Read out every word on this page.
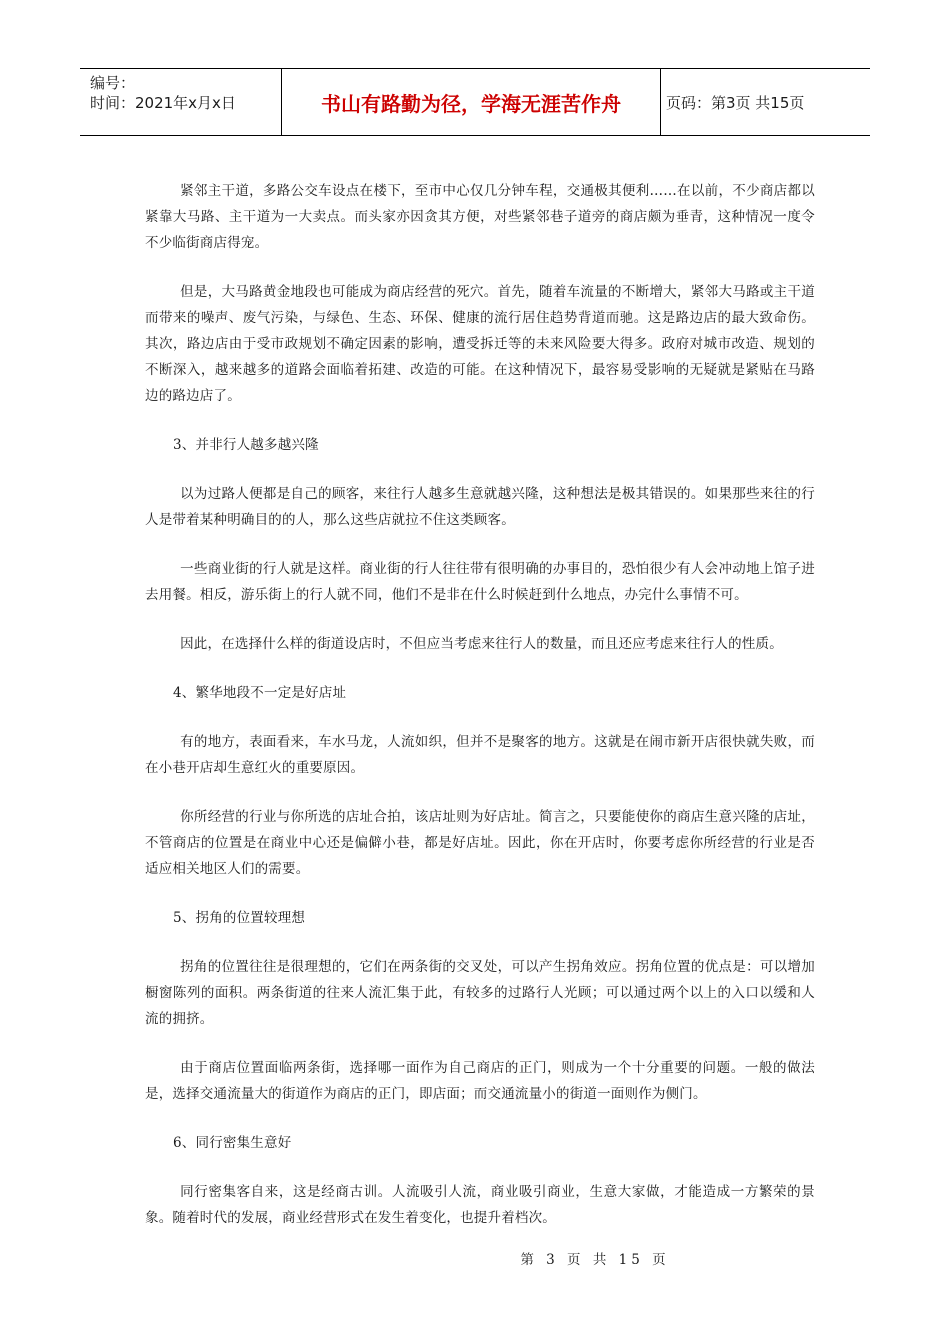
编号：
时间：2021年x月x日	书山有路勤为径，学海无涯苦作舟	页码：第3页 共15页

紧邻主干道，多路公交车设点在楼下，至市中心仅几分钟车程，交通极其便利……在以前，不少商店都以紧靠大马路、主干道为一大卖点。而头家亦因贪其方便，对些紧邻巷子道旁的商店颇为垂青，这种情况一度令不少临街商店得宠。

但是，大马路黄金地段也可能成为商店经营的死穴。首先，随着车流量的不断增大，紧邻大马路或主干道而带来的噪声、废气污染，与绿色、生态、环保、健康的流行居住趋势背道而驰。这是路边店的最大致命伤。其次，路边店由于受市政规划不确定因素的影响，遭受拆迁等的未来风险要大得多。政府对城市改造、规划的不断深入，越来越多的道路会面临着拓建、改造的可能。在这种情况下，最容易受影响的无疑就是紧贴在马路边的路边店了。

3、并非行人越多越兴隆

以为过路人便都是自己的顾客，来往行人越多生意就越兴隆，这种想法是极其错误的。如果那些来往的行人是带着某种明确目的的人，那么这些店就拉不住这类顾客。

一些商业街的行人就是这样。商业街的行人往往带有很明确的办事目的，恐怕很少有人会冲动地上馆子进去用餐。相反，游乐街上的行人就不同，他们不是非在什么时候赶到什么地点，办完什么事情不可。

因此，在选择什么样的街道设店时，不但应当考虑来往行人的数量，而且还应考虑来往行人的性质。

4、繁华地段不一定是好店址

有的地方，表面看来，车水马龙，人流如织，但并不是聚客的地方。这就是在闹市新开店很快就失败，而在小巷开店却生意红火的重要原因。

你所经营的行业与你所选的店址合拍，该店址则为好店址。简言之，只要能使你的商店生意兴隆的店址，不管商店的位置是在商业中心还是偏僻小巷，都是好店址。因此，你在开店时，你要考虑你所经营的行业是否适应相关地区人们的需要。

5、拐角的位置较理想

拐角的位置往往是很理想的，它们在两条街的交叉处，可以产生拐角效应。拐角位置的优点是：可以增加橱窗陈列的面积。两条街道的往来人流汇集于此，有较多的过路行人光顾；可以通过两个以上的入口以缓和人流的拥挤。

由于商店位置面临两条街，选择哪一面作为自己商店的正门，则成为一个十分重要的问题。一般的做法是，选择交通流量大的街道作为商店的正门，即店面；而交通流量小的街道一面则作为侧门。

6、同行密集生意好

同行密集客自来，这是经商古训。人流吸引人流，商业吸引商业，生意大家做，才能造成一方繁荣的景象。随着时代的发展，商业经营形式在发生着变化，也提升着档次。

第 3 页 共 15 页
